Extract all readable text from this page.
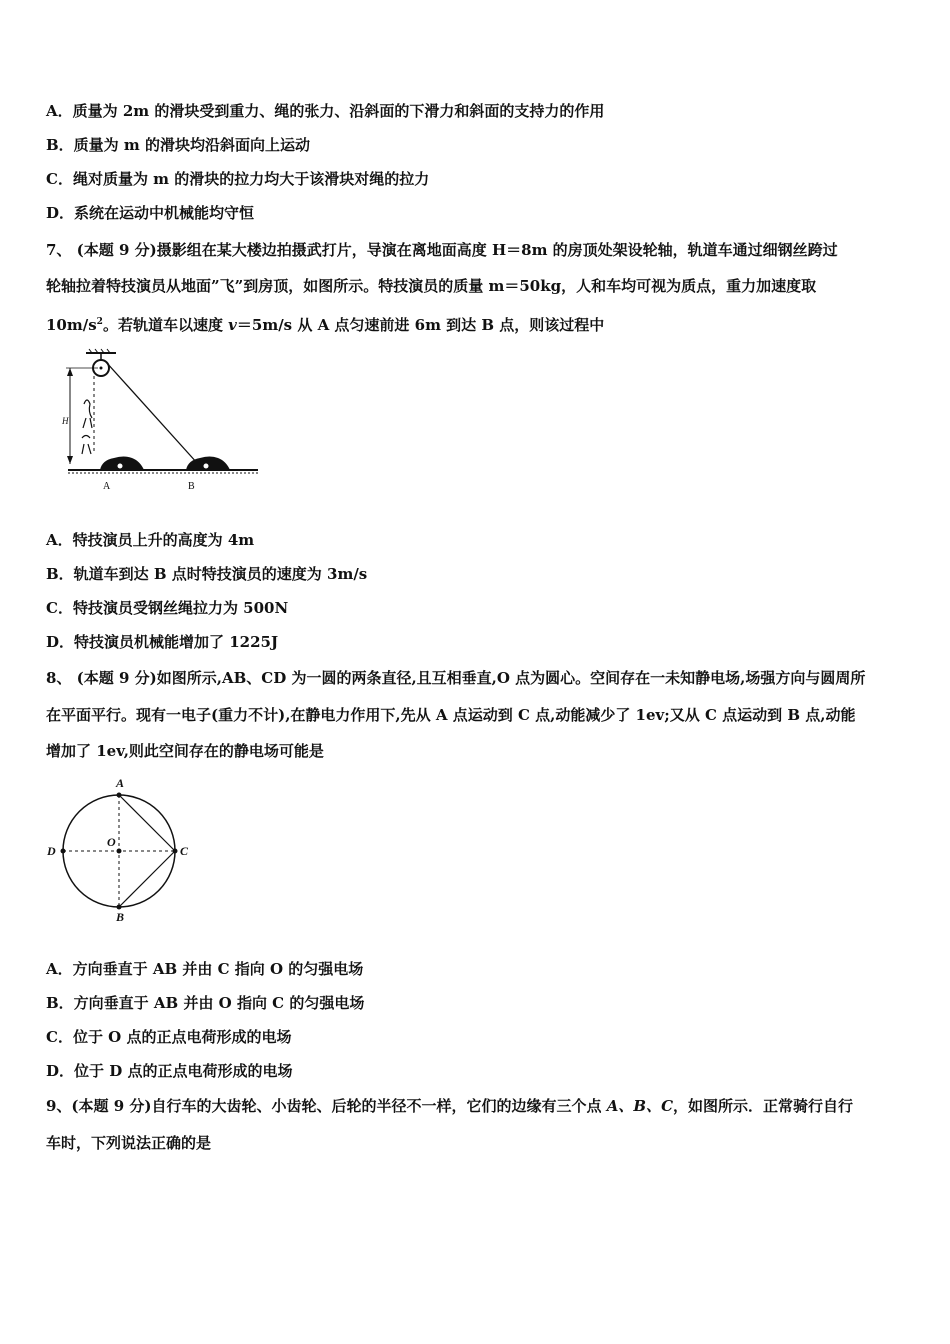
A．质量为 2m 的滑块受到重力、绳的张力、沿斜面的下滑力和斜面的支持力的作用
B．质量为 m 的滑块均沿斜面向上运动
C．绳对质量为 m 的滑块的拉力均大于该滑块对绳的拉力
D．系统在运动中机械能均守恒
7、 (本题 9 分)摄影组在某大楼边拍摄武打片，导演在离地面高度 H＝8m 的房顶处架设轮轴，轨道车通过细钢丝跨过
轮轴拉着特技演员从地面”飞”到房顶，如图所示。特技演员的质量 m＝50kg，人和车均可视为质点，重力加速度取
$10m/s^2$。若轨道车以速度 v＝5m/s 从 A 点匀速前进 6m 到达 B 点，则该过程中
H
A	B
A．特技演员上升的高度为 4m
B．轨道车到达 B 点时特技演员的速度为 3m/s
C．特技演员受钢丝绳拉力为 500N
D．特技演员机械能增加了 1225J
8、 (本题 9 分)如图所示,AB、CD 为一圆的两条直径,且互相垂直,O 点为圆心。空间存在一未知静电场,场强方向与圆周所
在平面平行。现有一电子(重力不计),在静电力作用下,先从 A 点运动到 C 点,动能减少了 1ev;又从 C 点运动到 B 点,动能
增加了 1ev,则此空间存在的静电场可能是
A
B
C
D
O
A．方向垂直于 AB 并由 C 指向 O 的匀强电场
B．方向垂直于 AB 并由 O 指向 C 的匀强电场
C．位于 O 点的正点电荷形成的电场
D．位于 D 点的正点电荷形成的电场
9、(本题 9 分)自行车的大齿轮、小齿轮、后轮的半径不一样，它们的边缘有三个点 A、B、C，如图所示．正常骑行自行
车时，下列说法正确的是
